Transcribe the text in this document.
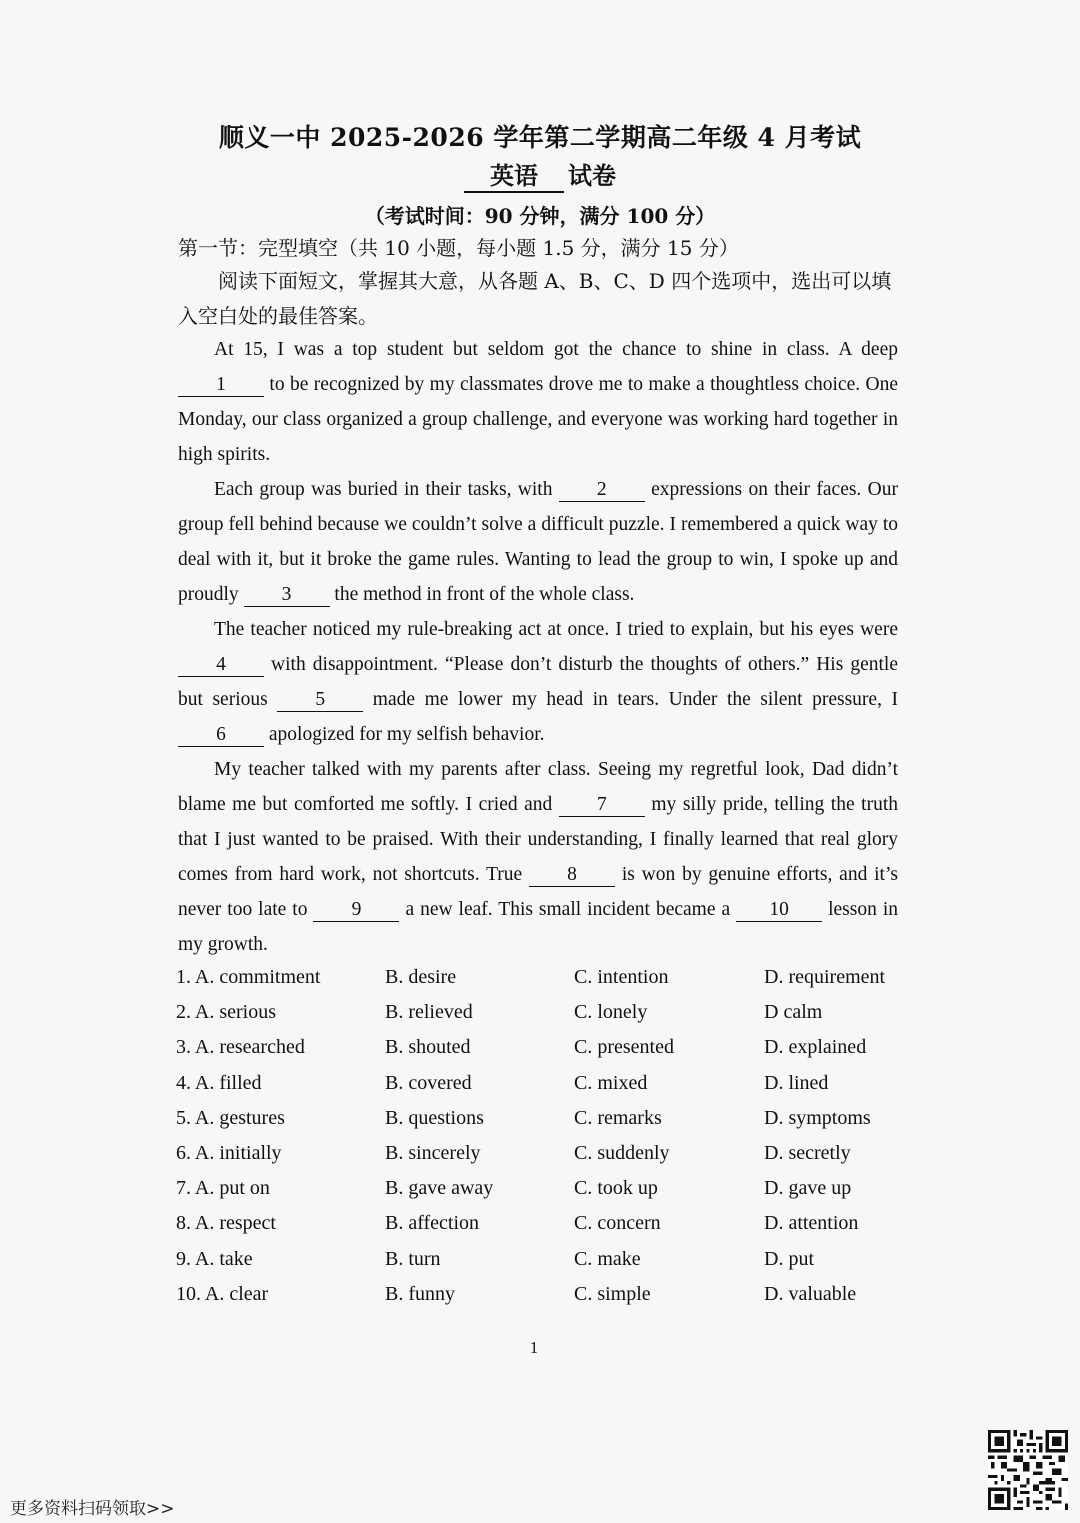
顺义一中 2025-2026 学年第二学期高二年级 4 月考试
英语 试卷
（考试时间：90 分钟，满分 100 分）
第一节：完型填空（共 10 小题，每小题 1.5 分，满分 15 分）
阅读下面短文，掌握其大意，从各题 A、B、C、D 四个选项中，选出可以填入空白处的最佳答案。

At 15, I was a top student but seldom got the chance to shine in class. A deep 1 to be recognized by my classmates drove me to make a thoughtless choice. One Monday, our class organized a group challenge, and everyone was working hard together in high spirits.

Each group was buried in their tasks, with 2 expressions on their faces. Our group fell behind because we couldn’t solve a difficult puzzle. I remembered a quick way to deal with it, but it broke the game rules. Wanting to lead the group to win, I spoke up and proudly 3 the method in front of the whole class.

The teacher noticed my rule-breaking act at once. I tried to explain, but his eyes were 4 with disappointment. “Please don’t disturb the thoughts of others.” His gentle but serious 5 made me lower my head in tears. Under the silent pressure, I 6 apologized for my selfish behavior.

My teacher talked with my parents after class. Seeing my regretful look, Dad didn’t blame me but comforted me softly. I cried and 7 my silly pride, telling the truth that I just wanted to be praised. With their understanding, I finally learned that real glory comes from hard work, not shortcuts. True 8 is won by genuine efforts, and it’s never too late to 9 a new leaf. This small incident became a 10 lesson in my growth.

1. A. commitment	B. desire	C. intention	D. requirement
2. A. serious	B. relieved	C. lonely	D calm
3. A. researched	B. shouted	C. presented	D. explained
4. A. filled	B. covered	C. mixed	D. lined
5. A. gestures	B. questions	C. remarks	D. symptoms
6. A. initially	B. sincerely	C. suddenly	D. secretly
7. A. put on	B. gave away	C. took up	D. gave up
8. A. respect	B. affection	C. concern	D. attention
9. A. take	B. turn	C. make	D. put
10. A. clear	B. funny	C. simple	D. valuable
1
更多资料扫码领取>>
